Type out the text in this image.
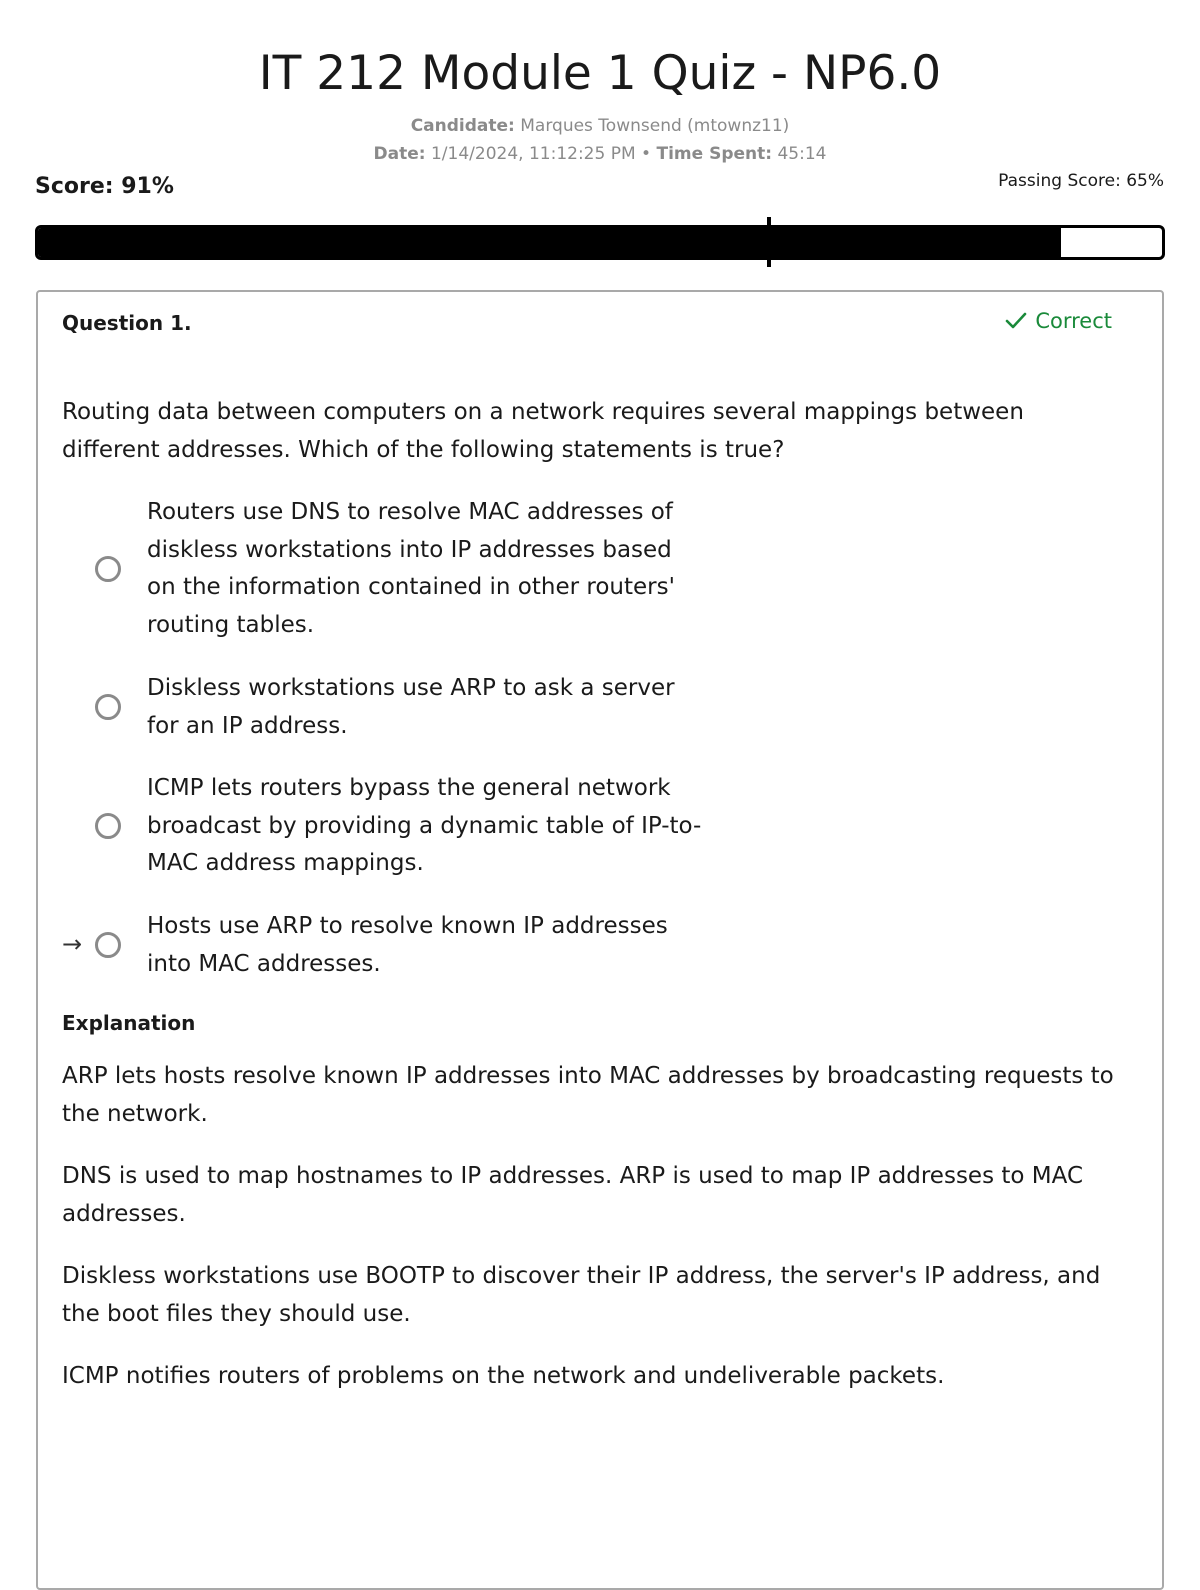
IT 212 Module 1 Quiz - NP6.0
Candidate: Marques Townsend (mtownz11)
Date: 1/14/2024, 11:12:25 PM • Time Spent: 45:14
Score: 91%	Passing Score: 65%
Question 1.	Correct
Routing data between computers on a network requires several mappings between different addresses. Which of the following statements is true?
Routers use DNS to resolve MAC addresses of diskless workstations into IP addresses based on the information contained in other routers' routing tables.
Diskless workstations use ARP to ask a server for an IP address.
ICMP lets routers bypass the general network broadcast by providing a dynamic table of IP-to-MAC address mappings.
→
Hosts use ARP to resolve known IP addresses into MAC addresses.
Explanation
ARP lets hosts resolve known IP addresses into MAC addresses by broadcasting requests to the network.
DNS is used to map hostnames to IP addresses. ARP is used to map IP addresses to MAC addresses.
Diskless workstations use BOOTP to discover their IP address, the server's IP address, and the boot files they should use.
ICMP notifies routers of problems on the network and undeliverable packets.
